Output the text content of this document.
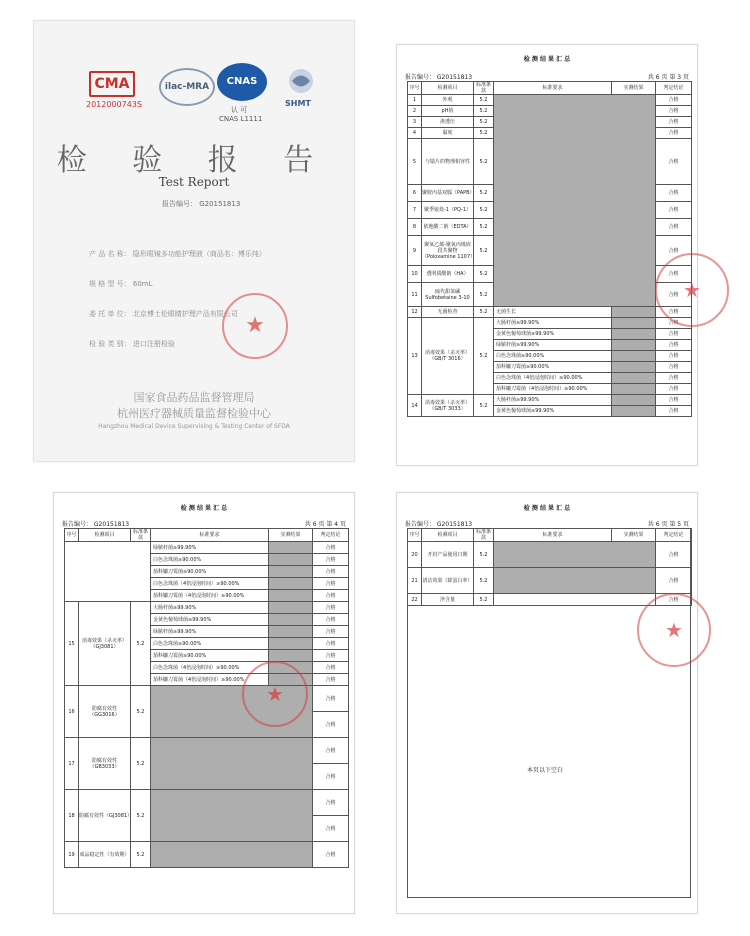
CMA
2012000743S
ilac-MRA	CNAS
认 可
CNAS L1111
SHMT
检 验 报 告
Test Report
报告编号： G20151813
产 品 名 称： 隐形眼镜多功能护理液（商品名：博乐纯）
规 格 型 号： 60mL
委 托 单 位： 北京博士伦眼睛护理产品有限公司
检 验 类 别： 进口注册检验
★
国家食品药品监督管理局
杭州医疗器械质量监督检验中心
Hangzhou Medical Device Supervising & Testing Center of SFDA
检 测 结 果 汇 总
报告编号： G20151813	共 6 页 第 3 页
序号	检测项目	标准条款	标准要求	实测结果	判定结论
1	外观	5.2			合格
2	pH值	5.2			合格
3	渗透压	5.2			合格
4	黏度	5.2			合格
5	与镜片的物理相容性	5.2			合格
6	聚胺丙基双胍（PAPB）	5.2			合格
7	聚季铵盐-1（PQ-1）	5.2			合格
8	依地酸二钠（EDTA）	5.2			合格
9	聚氧乙烯-聚氧丙烯嵌段共聚物（Poloxamine 1107）	5.2			合格
10	透明质酸钠（HA）	5.2			合格
11	硫代甜菜碱 Sulfobetaine 3-10	5.2			合格
12	无菌检查	5.2	无菌生长		合格
13	消毒效果（杀灭率）（GB/T 3016）	5.2	大肠杆菌≥99.90%		合格
			金黄色葡萄球菌≥99.90%		合格
			绿脓杆菌≥99.90%		合格
			白色念珠菌≥90.00%		合格
			茄科镰刀霉菌≥90.00%		合格
			白色念珠菌（4倍浸泡时间）≥90.00%		合格
			茄科镰刀霉菌（4倍浸泡时间）≥90.00%		合格
14	消毒效果（杀灭率）（GB/T 3033）	5.2	大肠杆菌≥99.90%		合格
			金黄色葡萄球菌≥99.90%		合格
★
检 测 结 果 汇 总
报告编号： G20151813	共 6 页 第 4 页
序号	检测项目	标准条款	标准要求	实测结果	判定结论
			绿脓杆菌≥99.90%		合格
			白色念珠菌≥90.00%		合格
			茄科镰刀霉菌≥90.00%		合格
			白色念珠菌（4倍浸泡时间）≥90.00%		合格
			茄科镰刀霉菌（4倍浸泡时间）≥90.00%		合格
15	消毒效果（杀灭率）（GJ3081）	5.2	大肠杆菌≥99.90%		合格
			金黄色葡萄球菌≥99.90%		合格
			绿脓杆菌≥99.90%		合格
			白色念珠菌≥90.00%		合格
			茄科镰刀霉菌≥90.00%		合格
			白色念珠菌（4倍浸泡时间）≥90.00%		合格
			茄科镰刀霉菌（4倍浸泡时间）≥90.00%		合格
16	防腐有效性（GG3016）	5.2			合格
					合格
17	防腐有效性（GB3033）	5.2			合格
					合格
18	防腐有效性（GJ3081）	5.2			合格
					合格
19	成品稳定性（有效期）	5.2			合格
★
检 测 结 果 汇 总
报告编号： G20151813	共 6 页 第 5 页
序号	检测项目	标准条款	标准要求	实测结果	判定结论
20	开封产品使用日期	5.2			合格
21	清洁效果（除蛋白率）	5.2			合格
22	净含量	5.2			合格
本页以下空白
★
